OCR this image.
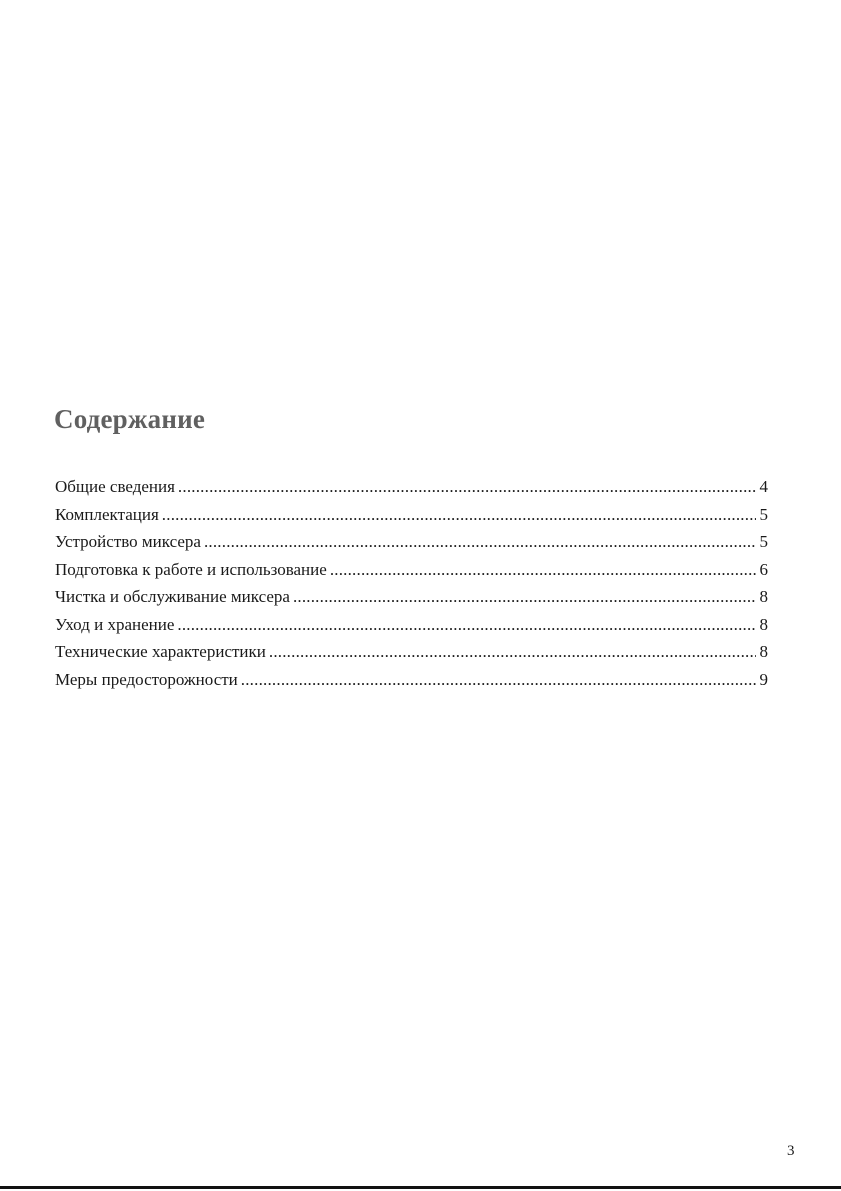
Содержание
Общие сведения .....	4
Комплектация .....	5
Устройство миксера .....	5
Подготовка к работе и использование .....	6
Чистка и обслуживание миксера .....	8
Уход и хранение .....	8
Технические характеристики .....	8
Меры предосторожности .....	9
3
